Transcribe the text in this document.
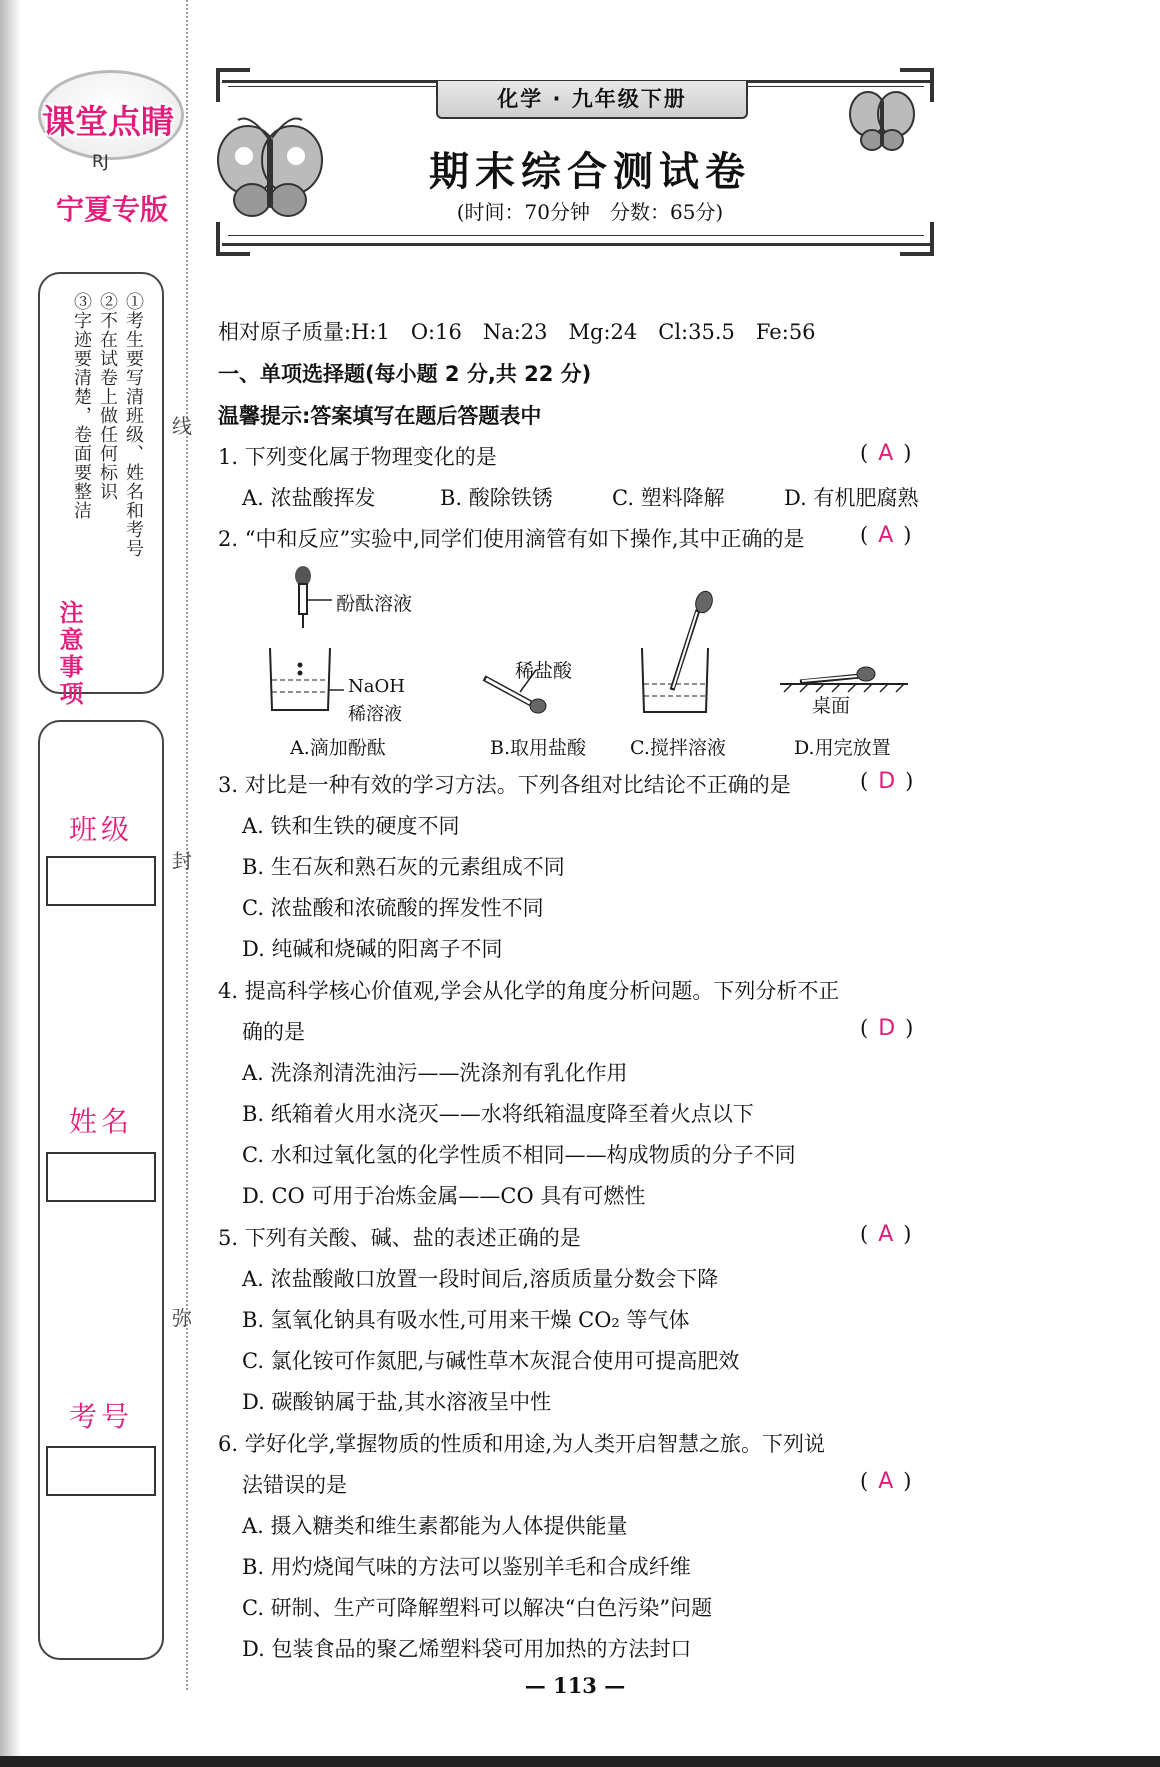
线
封
弥
课堂点睛
RJ
宁夏专版
①考生要写清班级、姓名和考号
②不在试卷上做任何标识
③字迹要清楚，卷面要整洁
注意事项
班级
姓名
考号
化学 · 九年级下册
期末综合测试卷
(时间：70分钟　分数：65分)
相对原子质量:H:1　O:16　Na:23　Mg:24　Cl:35.5　Fe:56
一、单项选择题(每小题 2 分,共 22 分)
温馨提示:答案填写在题后答题表中
1. 下列变化属于物理变化的是	( A )
A. 浓盐酸挥发	B. 酸除铁锈	C. 塑料降解	D. 有机肥腐熟
2. “中和反应”实验中,同学们使用滴管有如下操作,其中正确的是	( A )
酚酞溶液
NaOH
稀溶液
稀盐酸
桌面
A.滴加酚酞	B.取用盐酸 C.搅拌溶液	D.用完放置
3. 对比是一种有效的学习方法。下列各组对比结论不正确的是	( D )
A. 铁和生铁的硬度不同
B. 生石灰和熟石灰的元素组成不同
C. 浓盐酸和浓硫酸的挥发性不同
D. 纯碱和烧碱的阳离子不同
4. 提高科学核心价值观,学会从化学的角度分析问题。下列分析不正
确的是	( D )
A. 洗涤剂清洗油污——洗涤剂有乳化作用
B. 纸箱着火用水浇灭——水将纸箱温度降至着火点以下
C. 水和过氧化氢的化学性质不相同——构成物质的分子不同
D. CO 可用于冶炼金属——CO 具有可燃性
5. 下列有关酸、碱、盐的表述正确的是	( A )
A. 浓盐酸敞口放置一段时间后,溶质质量分数会下降
B. 氢氧化钠具有吸水性,可用来干燥 CO₂ 等气体
C. 氯化铵可作氮肥,与碱性草木灰混合使用可提高肥效
D. 碳酸钠属于盐,其水溶液呈中性
6. 学好化学,掌握物质的性质和用途,为人类开启智慧之旅。下列说
法错误的是	( A )
A. 摄入糖类和维生素都能为人体提供能量
B. 用灼烧闻气味的方法可以鉴别羊毛和合成纤维
C. 研制、生产可降解塑料可以解决“白色污染”问题
D. 包装食品的聚乙烯塑料袋可用加热的方法封口
— 113 —
